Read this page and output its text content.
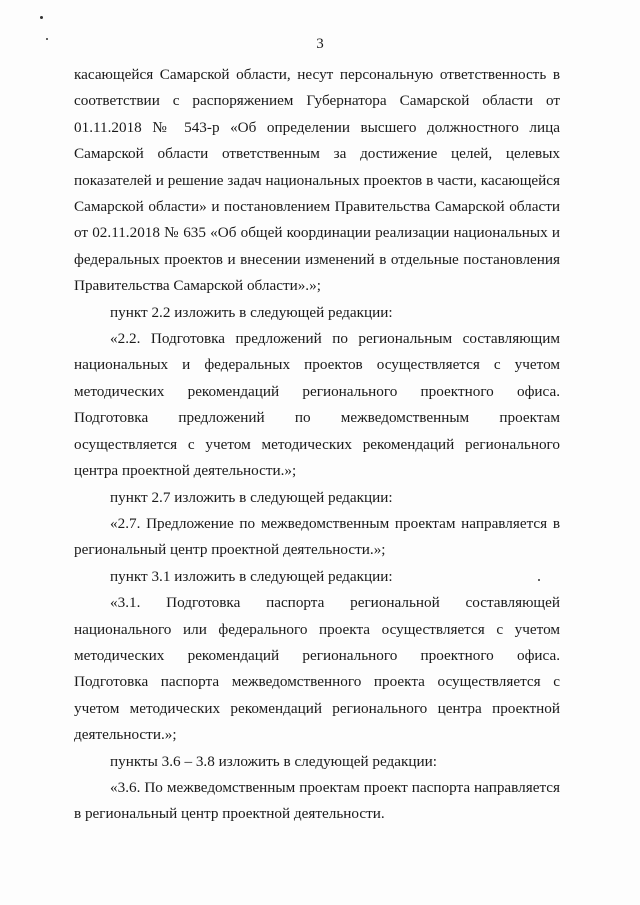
3

касающейся Самарской области, несут персональную ответственность в соответствии с распоряжением Губернатора Самарской области от 01.11.2018 № 543-р «Об определении высшего должностного лица Самарской области ответственным за достижение целей, целевых показателей и решение задач национальных проектов в части, касающейся Самарской области» и постановлением Правительства Самарской области от 02.11.2018 № 635 «Об общей координации реализации национальных и федеральных проектов и внесении изменений в отдельные постановления Правительства Самарской области».»;

пункт 2.2 изложить в следующей редакции:

«2.2. Подготовка предложений по региональным составляющим национальных и федеральных проектов осуществляется с учетом методических рекомендаций регионального проектного офиса. Подготовка предложений по межведомственным проектам осуществляется с учетом методических рекомендаций регионального центра проектной деятельности.»;

пункт 2.7 изложить в следующей редакции:

«2.7. Предложение по межведомственным проектам направляется в региональный центр проектной деятельности.»;

пункт 3.1 изложить в следующей редакции:

«3.1. Подготовка паспорта региональной составляющей национального или федерального проекта осуществляется с учетом методических рекомендаций регионального проектного офиса. Подготовка паспорта межведомственного проекта осуществляется с учетом методических рекомендаций регионального центра проектной деятельности.»;

пункты 3.6 – 3.8 изложить в следующей редакции:

«3.6. По межведомственным проектам проект паспорта направляется в региональный центр проектной деятельности.
